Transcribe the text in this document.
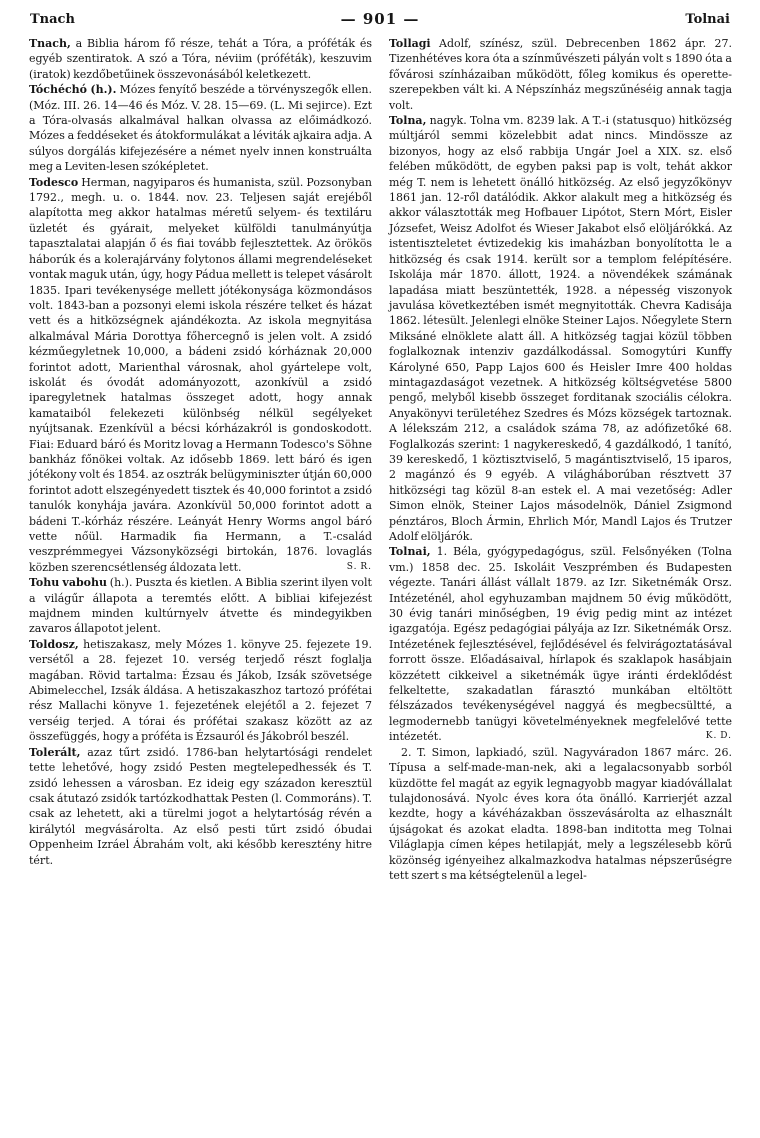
Tnach	— 901 —	Tolnai

Tnach, a Biblia három fő része, tehát a Tóra, a próféták és egyéb szentiratok. A szó a Tóra, néviim (próféták), keszuvim (iratok) kezdőbetűinek összevonásából keletkezett.

Tóchéchó (h.). Mózes fenyítő beszéde a törvényszegők ellen. (Móz. III. 26. 14—46 és Móz. V. 28. 15—69. (L. Mi sejirce). Ezt a Tóra-olvasás alkalmával halkan olvassa az előimádkozó. Mózes a feddéseket és átokformulákat a léviták ajkaira adja. A súlyos dorgálás kifejezésére a német nyelv innen konstruálta meg a Leviten-lesen szóképletet.

Todesco Herman, nagyiparos és humanista, szül. Pozsonyban 1792., megh. u. o. 1844. nov. 23. Teljesen saját erejéből alapította meg akkor hatalmas méretű selyem- és textiláru üzletét és gyárait, melyeket külföldi tanulmányútja tapasztalatai alapján ő és fiai tovább fejlesztettek. Az örökös háborúk és a kolerajárvány folytonos állami megrendeléseket vontak maguk után, úgy, hogy Pádua mellett is telepet vásárolt 1835. Ipari tevékenysége mellett jótékonysága közmondásos volt. 1843-ban a pozsonyi elemi iskola részére telket és házat vett és a hitközségnek ajándékozta. Az iskola megnyitása alkalmával Mária Dorottya főhercegnő is jelen volt. A zsidó kézműegyletnek 10,000, a bádeni zsidó kórháznak 20,000 forintot adott, Marienthal városnak, ahol gyártelepe volt, iskolát és óvodát adományozott, azonkívül a zsidó iparegyletnek hatalmas összeget adott, hogy annak kamataiból felekezeti különbség nélkül segélyeket nyújtsanak. Ezenkívül a bécsi kórházakról is gondoskodott. Fiai: Eduard báró és Moritz lovag a Hermann Todesco's Söhne bankház főnökei voltak. Az idősebb 1869. lett báró és igen jótékony volt és 1854. az osztrák belügyminiszter útján 60,000 forintot adott elszegényedett tisztek és 40,000 forintot a zsidó tanulók konyhája javára. Azonkívül 50,000 forintot adott a bádeni T.-kórház részére. Leányát Henry Worms angol báró vette nőül. Harmadik fia Hermann, a T.-család veszprémmegyei Vázsonyközségi birtokán, 1876. lovaglás közben szerencsétlenség áldozata lett.	S. R.

Tohu vabohu (h.). Puszta és kietlen. A Biblia szerint ilyen volt a világűr állapota a teremtés előtt. A bibliai kifejezést majdnem minden kultúrnyelv átvette és mindegyikben zavaros állapotot jelent.

Toldosz, hetiszakasz, mely Mózes 1. könyve 25. fejezete 19. versétől a 28. fejezet 10. verség terjedő részt foglalja magában. Rövid tartalma: Ézsau és Jákob, Izsák szövetsége Abimelecchel, Izsák áldása. A hetiszakaszhoz tartozó prófétai rész Mallachi könyve 1. fejezetének elejétől a 2. fejezet 7 verséig terjed. A tórai és prófétai szakasz között az az összefüggés, hogy a próféta is Ézsauról és Jákobról beszél.

Tolerált, azaz tűrt zsidó. 1786-ban helytartósági rendelet tette lehetővé, hogy zsidó Pesten megtelepedhessék és T. zsidó lehessen a városban. Ez ideig egy századon keresztül csak átutazó zsidók tartózkodhattak Pesten (l. Commoráns). T. csak az lehetett, aki a türelmi jogot a helytartóság révén a királytól megvásárolta. Az első pesti tűrt zsidó óbudai Oppenheim Izráel Ábrahám volt, aki később keresztény hitre tért.

Tollagi Adolf, színész, szül. Debrecenben 1862 ápr. 27. Tizenhétéves kora óta a színművészeti pályán volt s 1890 óta a fővárosi színházaiban működött, főleg komikus és operette-szerepekben vált ki. A Népszínház megszűnéséig annak tagja volt.

Tolna, nagyk. Tolna vm. 8239 lak. A T.-i (statusquo) hitközség múltjáról semmi közelebbit adat nincs. Mindössze az bizonyos, hogy az első rabbija Ungár Joel a XIX. sz. első felében működött, de egyben paksi pap is volt, tehát akkor még T. nem is lehetett önálló hitközség. Az első jegyzőkönyv 1861 jan. 12-ről datálódik. Akkor alakult meg a hitközség és akkor választották meg Hofbauer Lipótot, Stern Mórt, Eisler Józsefet, Weisz Adolfot és Wieser Jakabot első elöljárókká. Az istentiszteletet évtizedekig kis imaházban bonyolította le a hitközség és csak 1914. került sor a templom felépítésére. Iskolája már 1870. állott, 1924. a növendékek számának lapadása miatt beszüntették, 1928. a népesség viszonyok javulása következtében ismét megnyitották. Chevra Kadisája 1862. létesült. Jelenlegi elnöke Steiner Lajos. Nőegylete Stern Miksáné elnöklete alatt áll. A hitközség tagjai közül többen foglalkoznak intenziv gazdálkodással. Somogytúri Kunffy Károlyné 650, Papp Lajos 600 és Heisler Imre 400 holdas mintagazdaságot vezetnek. A hitközség költségvetése 5800 pengő, melyből kisebb összeget forditanak szociális célokra. Anyakönyvi területéhez Szedres és Mózs községek tartoznak. A lélekszám 212, a családok száma 78, az adófizetőké 68. Foglalkozás szerint: 1 nagykereskedő, 4 gazdálkodó, 1 tanító, 39 kereskedő, 1 köztisztviselő, 5 magántisztviselő, 15 iparos, 2 magánzó és 9 egyéb. A világháborúban résztvett 37 hitközségi tag közül 8-an estek el. A mai vezetőség: Adler Simon elnök, Steiner Lajos másodelnök, Dániel Zsigmond pénztáros, Bloch Ármin, Ehrlich Mór, Mandl Lajos és Trutzer Adolf elöljárók.

Tolnai, 1. Béla, gyógypedagógus, szül. Felsőnyéken (Tolna vm.) 1858 dec. 25. Iskoláit Veszprémben és Budapesten végezte. Tanári állást vállalt 1879. az Izr. Siketnémák Orsz. Intézeténél, ahol egyhuzamban majdnem 50 évig működött, 30 évig tanári minőségben, 19 évig pedig mint az intézet igazgatója. Egész pedagógiai pályája az Izr. Siketnémák Orsz. Intézetének fejlesztésével, fejlődésével és felvirágoztatásával forrott össze. Előadásaival, hírlapok és szaklapok hasábjain közzétett cikkeivel a siketnémák ügye iránti érdeklődést felkeltette, szakadatlan fárasztó munkában eltöltött félszázados tevékenységével naggyá és megbecsültté, a legmodernebb tanügyi követelményeknek megfelelővé tette intézetét.	K. D.

2. T. Simon, lapkiadó, szül. Nagyváradon 1867 márc. 26. Típusa a self-made-man-nek, aki a legalacsonyabb sorból küzdötte fel magát az egyik legnagyobb magyar kiadóvállalat tulajdonosává. Nyolc éves kora óta önálló. Karrierjét azzal kezdte, hogy a kávéházakban összevásárolta az elhasznált újságokat és azokat eladta. 1898-ban inditotta meg Tolnai Világlapja címen képes hetilapját, mely a legszélesebb körű közönség igényeihez alkalmazkodva hatalmas népszerűségre tett szert s ma kétségtelenül a legel-
